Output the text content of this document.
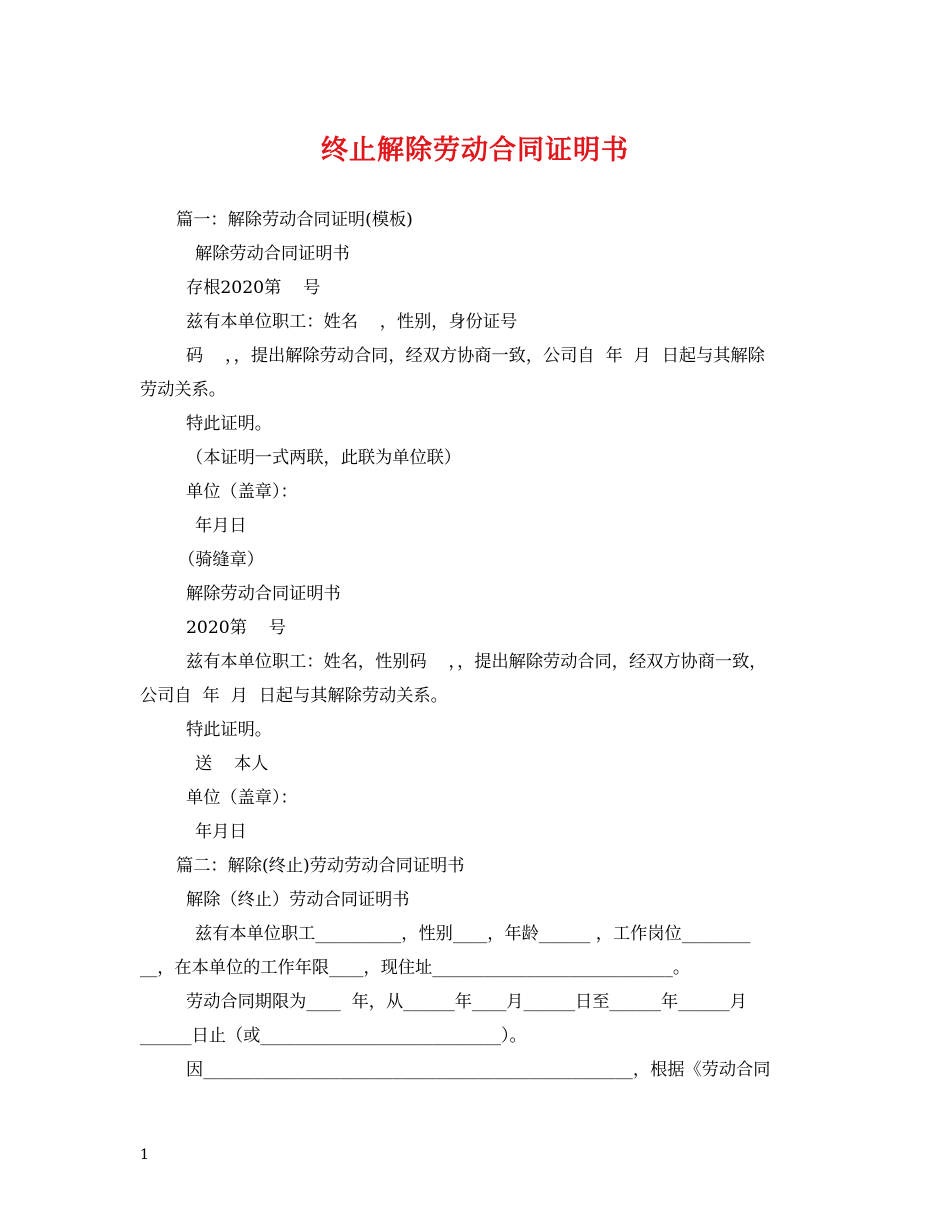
终止解除劳动合同证明书
篇一：解除劳动合同证明(模板)
解除劳动合同证明书
存根2020第    号
兹有本单位职工：姓名    ，性别，身份证号
码    ，，提出解除劳动合同，经双方协商一致，公司自  年  月  日起与其解除
劳动关系。
特此证明。
（本证明一式两联，此联为单位联）
单位（盖章）：
年月日
（骑缝章）
解除劳动合同证明书
2020第    号
兹有本单位职工：姓名，性别码    ，，提出解除劳动合同，经双方协商一致，
公司自  年  月  日起与其解除劳动关系。
特此证明。
送    本人
单位（盖章）：
年月日
篇二：解除(终止)劳动劳动合同证明书
解除（终止）劳动合同证明书
兹有本单位职工__________，性别____，年龄______ ，工作岗位________
__，在本单位的工作年限____，现住址____________________________。
劳动合同期限为____  年，从______年____月______日至______年______月
______日止（或____________________________）。
因__________________________________________________，根据《劳动合同
1
